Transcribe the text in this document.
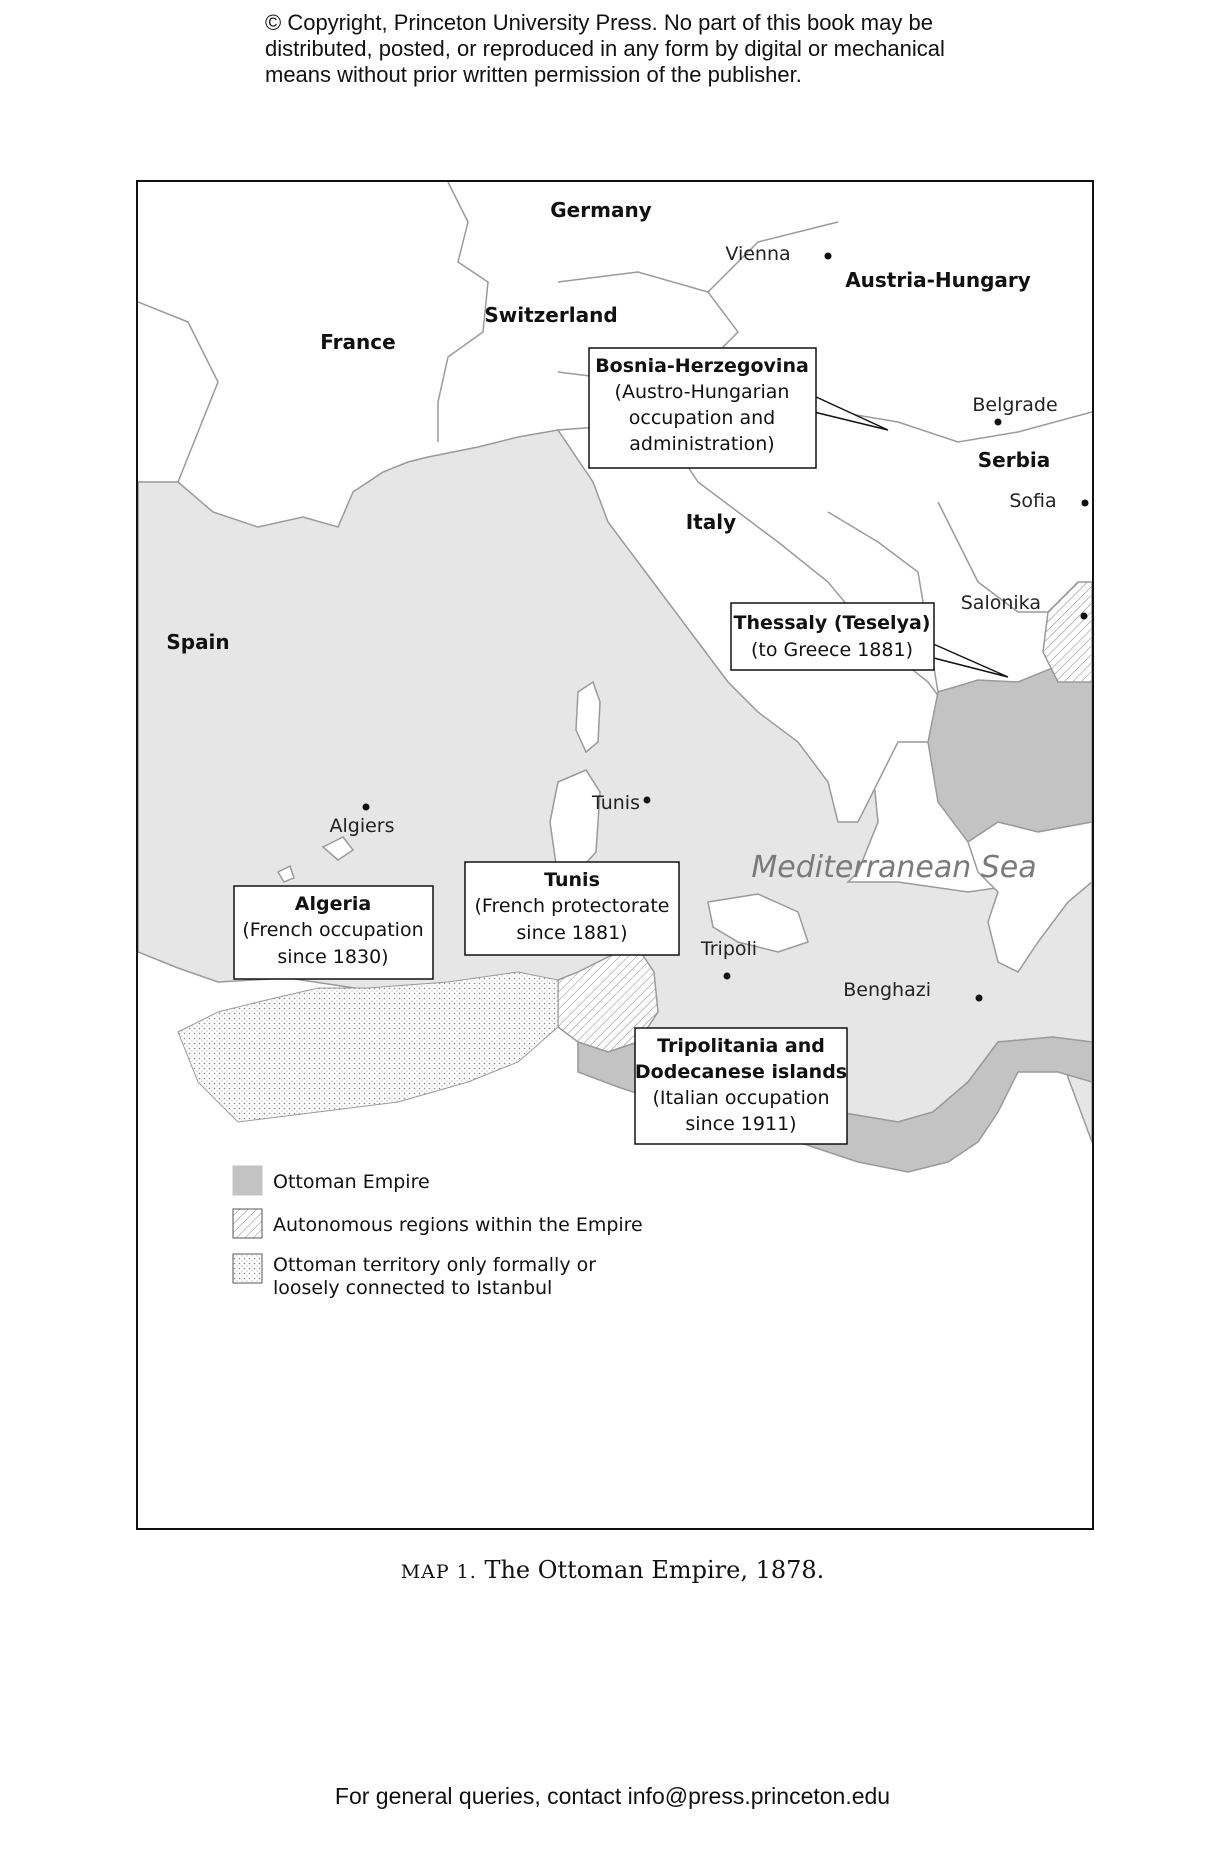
© Copyright, Princeton University Press. No part of this book may be
distributed, posted, or reproduced in any form by digital or mechanical
means without prior written permission of the publisher.
Germany
Austria-Hungary
Switzerland
France
Italy
Serbia
Spain
Vienna
Belgrade
Sofia
Salonika
Tunis
Algiers
Tripoli
Benghazi
Mediterranean Sea
Bosnia-Herzegovina
(Austro-Hungarian
occupation and
administration)
Thessaly (Teselya)
(to Greece 1881)
Algeria
(French occupation
since 1830)
Tunis
(French protectorate
since 1881)
Tripolitania and
Dodecanese islands
(Italian occupation
since 1911)
Ottoman Empire
Autonomous regions within the Empire
Ottoman territory only formally or
loosely connected to Istanbul
MAP 1. The Ottoman Empire, 1878.
For general queries, contact info@press.princeton.edu
